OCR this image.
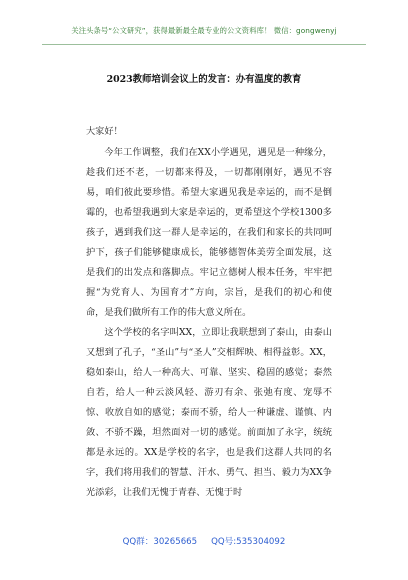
关注头条号“公文研究”，获得最新最全最专业的公文资料库！ 微信：gongwenyj
2023教师培训会议上的发言：办有温度的教育

大家好！

今年工作调整，我们在XX小学遇见，遇见是一种缘分，趁我们还不老，一切都来得及，一切都刚刚好，遇见不容易，咱们彼此要珍惜。希望大家遇见我是幸运的，而不是倒霉的，也希望我遇到大家是幸运的，更希望这个学校1300多孩子，遇到我们这一群人是幸运的，在我们和家长的共同呵护下，孩子们能够健康成长，能够德智体美劳全面发展，这是我们的出发点和落脚点。牢记立德树人根本任务，牢牢把握“为党育人、为国育才”方向，宗旨，是我们的初心和使命，是我们做所有工作的伟大意义所在。

这个学校的名字叫XX，立即让我联想到了泰山，由泰山又想到了孔子，“圣山”与“圣人”交相辉映、相得益彰。XX，稳如泰山，给人一种高大、可靠、坚实、稳固的感觉；泰然自若，给人一种云淡风轻、游刃有余、张弛有度、宠辱不惊、收放自如的感觉；泰而不骄，给人一种谦虚、谨慎、内敛、不骄不躁，坦然面对一切的感觉。前面加了永字，统统都是永远的。XX是学校的名字，也是我们这群人共同的名字，我们将用我们的智慧、汗水、勇气、担当、毅力为XX争光添彩，让我们无愧于青春、无愧于时

QQ群：30265665 QQ号:535304092
